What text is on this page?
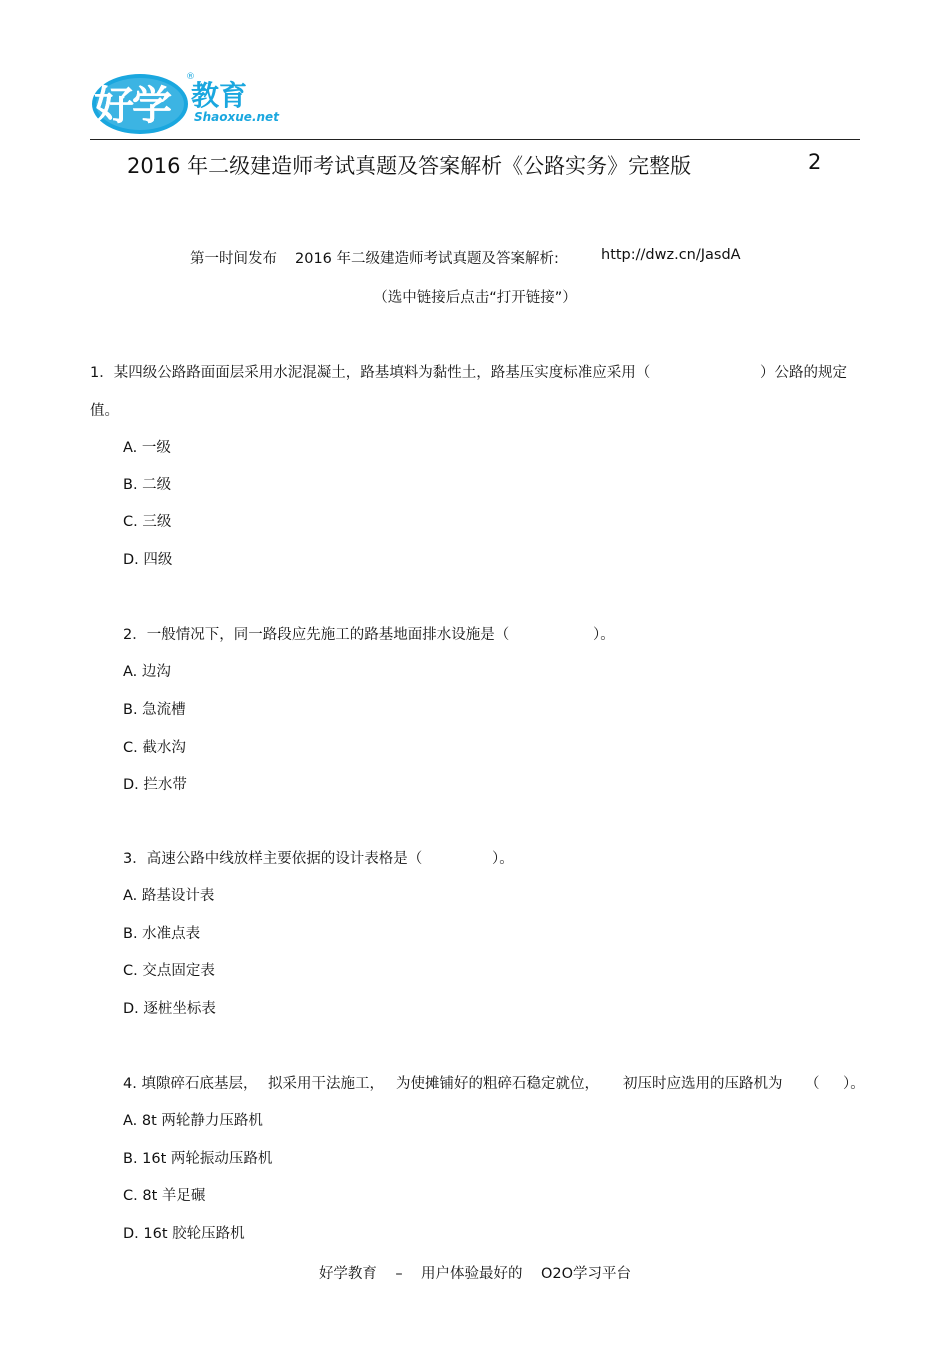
好学
®
教育
Shaoxue.net
2016 年二级建造师考试真题及答案解析《公路实务》完整版	2
第一时间发布 2016 年二级建造师考试真题及答案解析:	http://dwz.cn/JasdA
（选中链接后点击“打开链接”）
1．某四级公路路面面层采用水泥混凝土，路基填料为黏性土，路基压实度标准应采用（	）公路的规定
值。
A. 一级
B. 二级
C. 三级
D. 四级
2．一般情况下，同一路段应先施工的路基地面排水设施是（	）。
A. 边沟
B. 急流槽
C. 截水沟
D. 拦水带
3．高速公路中线放样主要依据的设计表格是（	）。
A. 路基设计表
B. 水准点表
C. 交点固定表
D. 逐桩坐标表
4. 填隙碎石底基层， 拟采用干法施工， 为使摊铺好的粗碎石稳定就位， 初压时应选用的压路机为 （ ）。
A. 8t 两轮静力压路机
B. 16t 两轮振动压路机
C. 8t 羊足碾
D. 16t 胶轮压路机
好学教育    –    用户体验最好的    O2O学习平台
